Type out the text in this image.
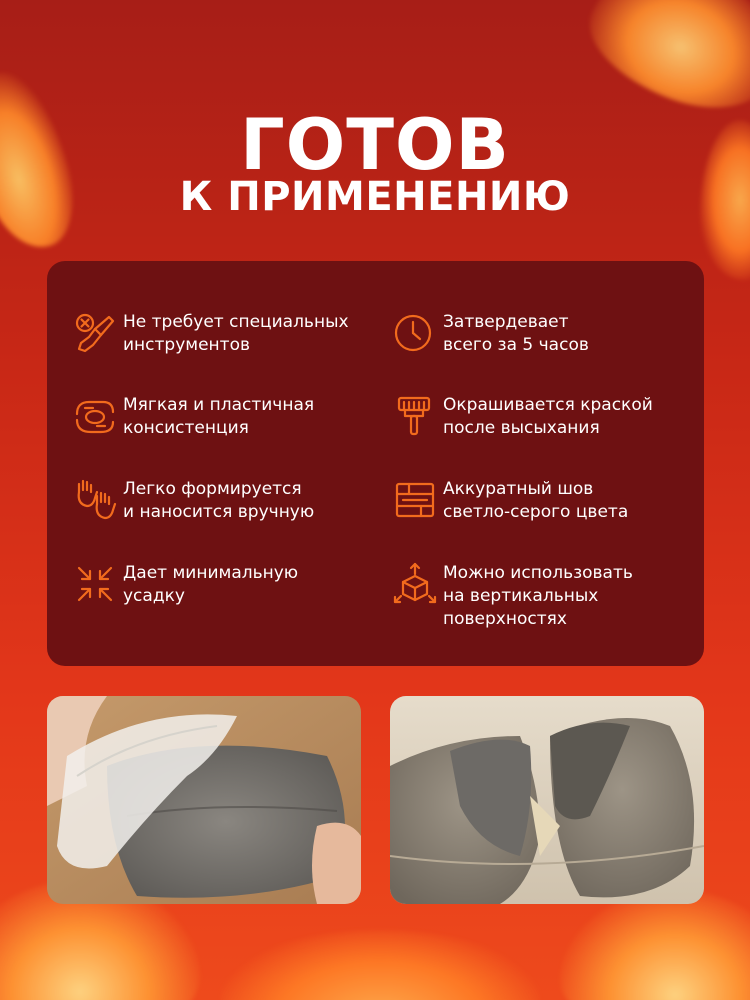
ГОТОВ
К ПРИМЕНЕНИЮ
Не требует специальных
инструментов
Затвердевает
всего за 5 часов
Мягкая и пластичная
консистенция
Окрашивается краской
после высыхания
Легко формируется
и наносится вручную
Аккуратный шов
светло-серого цвета
Дает минимальную
усадку
Можно использовать
на вертикальных
поверхностях
